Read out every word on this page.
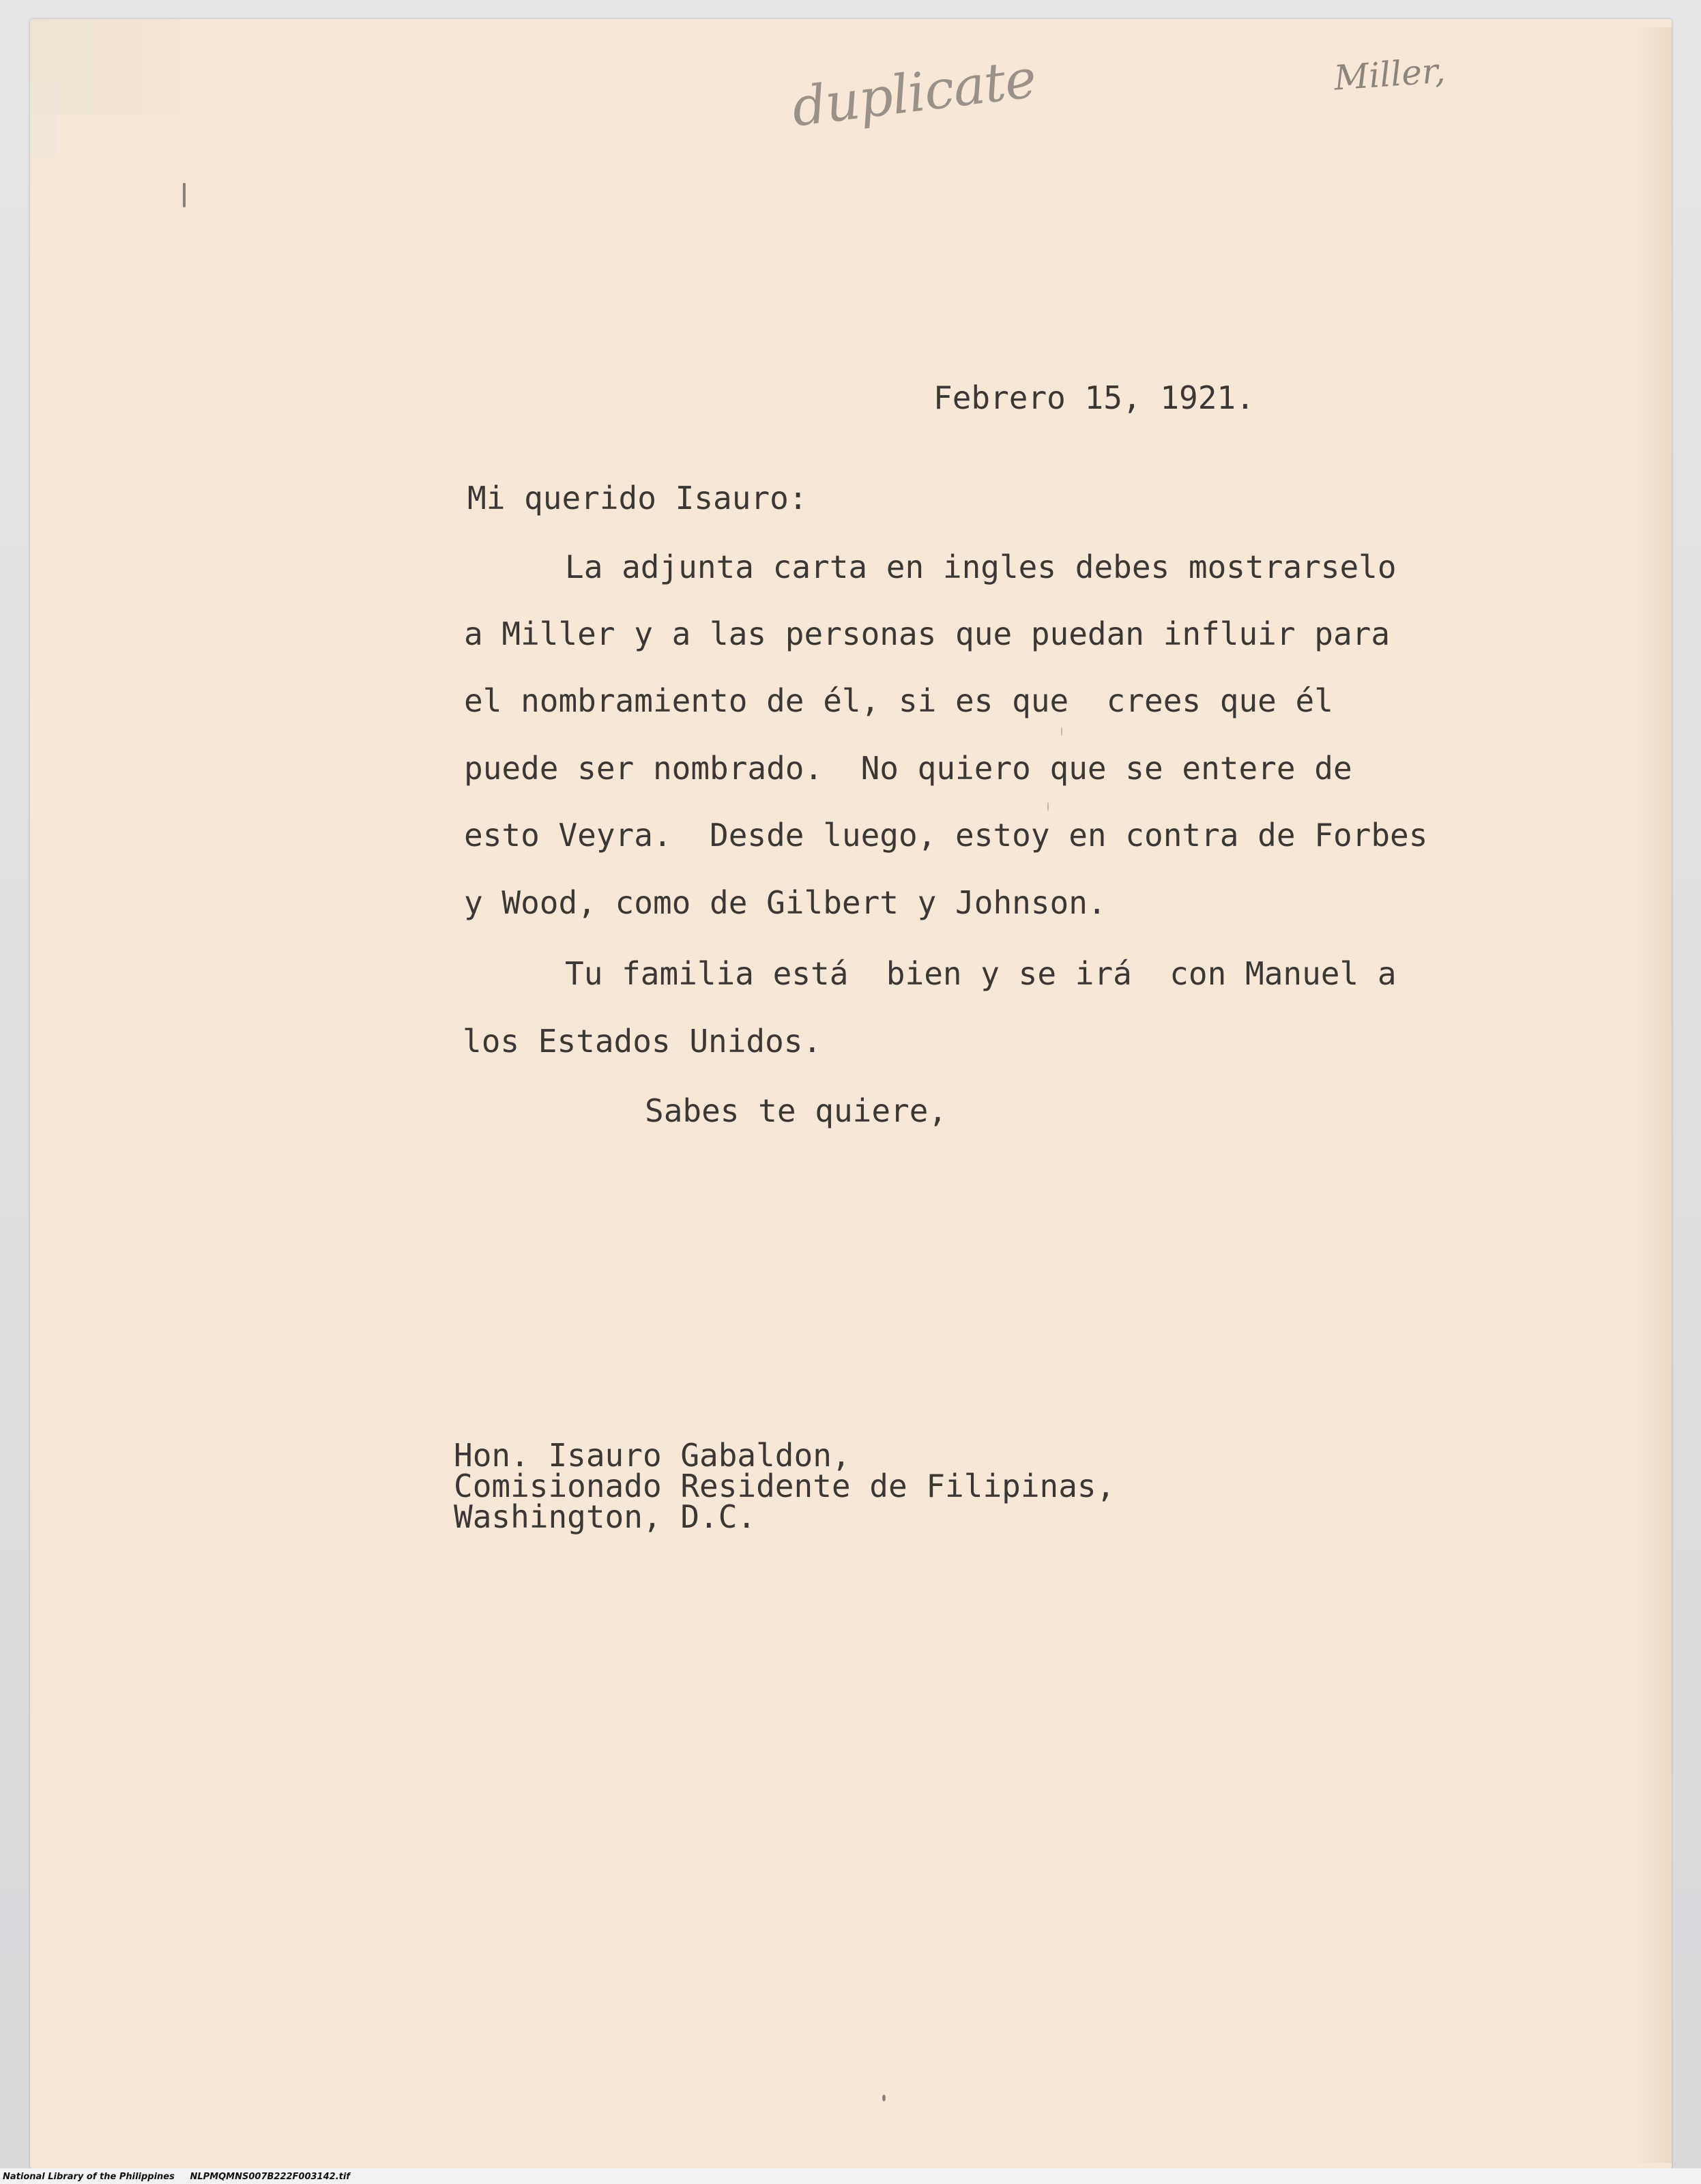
duplicate	Miller,
Febrero 15, 1921.
Mi querido Isauro:
La adjunta carta en ingles debes mostrarselo
a Miller y a las personas que puedan influir para
el nombramiento de él, si es que  crees que él
puede ser nombrado.  No quiero que se entere de
esto Veyra.  Desde luego, estoy en contra de Forbes
y Wood, como de Gilbert y Johnson.
Tu familia está  bien y se irá  con Manuel a
los Estados Unidos.
Sabes te quiere,
Hon. Isauro Gabaldon,
Comisionado Residente de Filipinas,
Washington, D.C.
National Library of the Philippines NLPMQMNS007B222F003142.tif
